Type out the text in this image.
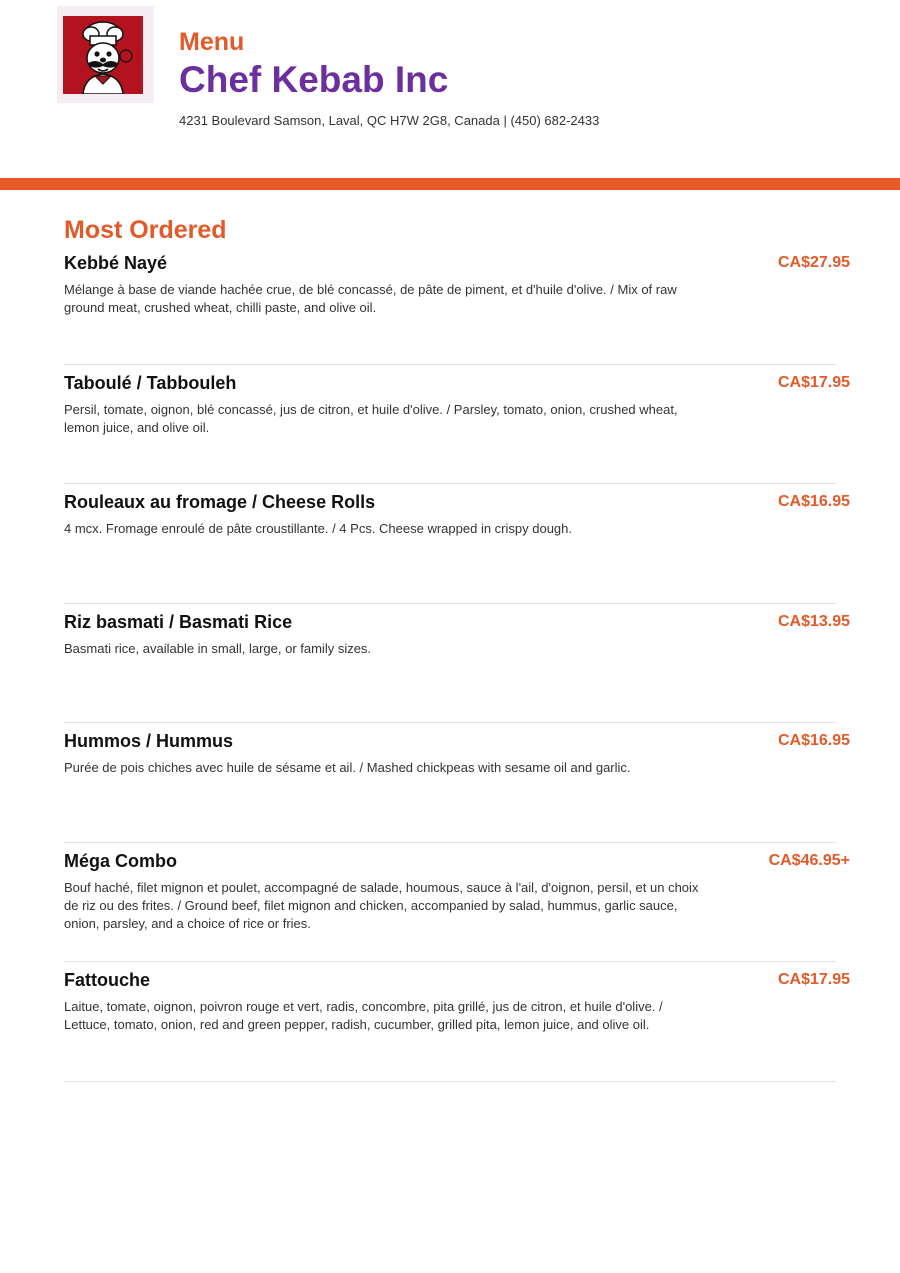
Menu
Chef Kebab Inc
4231 Boulevard Samson, Laval, QC H7W 2G8, Canada | (450) 682-2433
Most Ordered
Kebbé Nayé	CA$27.95
Mélange à base de viande hachée crue, de blé concassé, de pâte de piment, et d'huile d'olive. / Mix of raw ground meat, crushed wheat, chilli paste, and olive oil.
Taboulé / Tabbouleh	CA$17.95
Persil, tomate, oignon, blé concassé, jus de citron, et huile d'olive. / Parsley, tomato, onion, crushed wheat, lemon juice, and olive oil.
Rouleaux au fromage / Cheese Rolls	CA$16.95
4 mcx. Fromage enroulé de pâte croustillante. / 4 Pcs. Cheese wrapped in crispy dough.
Riz basmati / Basmati Rice	CA$13.95
Basmati rice, available in small, large, or family sizes.
Hummos / Hummus	CA$16.95
Purée de pois chiches avec huile de sésame et ail. / Mashed chickpeas with sesame oil and garlic.
Méga Combo	CA$46.95+
Bouf haché, filet mignon et poulet, accompagné de salade, houmous, sauce à l'ail, d'oignon, persil, et un choix de riz ou des frites. / Ground beef, filet mignon and chicken, accompanied by salad, hummus, garlic sauce, onion, parsley, and a choice of rice or fries.
Fattouche	CA$17.95
Laitue, tomate, oignon, poivron rouge et vert, radis, concombre, pita grillé, jus de citron, et huile d'olive. / Lettuce, tomato, onion, red and green pepper, radish, cucumber, grilled pita, lemon juice, and olive oil.
